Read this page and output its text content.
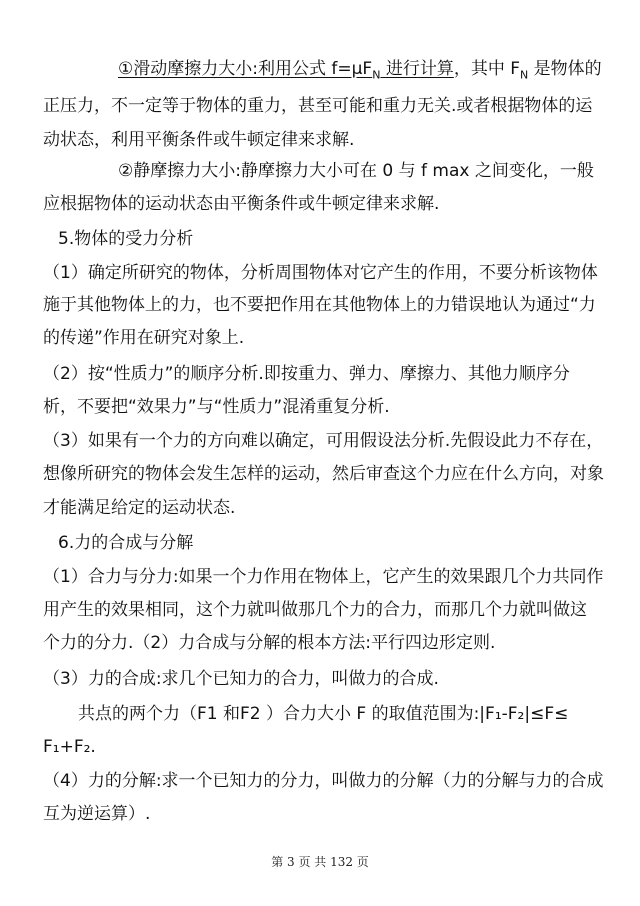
①滑动摩擦力大小:利用公式 $f=\mu F_N$ 进行计算，其中 $F_N$ 是物体的
正压力，不一定等于物体的重力，甚至可能和重力无关.或者根据物体的运
动状态，利用平衡条件或牛顿定律来求解.
②静摩擦力大小:静摩擦力大小可在 0 与 f max 之间变化，一般
应根据物体的运动状态由平衡条件或牛顿定律来求解.
5.物体的受力分析
（1）确定所研究的物体，分析周围物体对它产生的作用，不要分析该物体
施于其他物体上的力，也不要把作用在其他物体上的力错误地认为通过“力
的传递”作用在研究对象上.
（2）按“性质力”的顺序分析.即按重力、弹力、摩擦力、其他力顺序分
析，不要把“效果力”与“性质力”混淆重复分析.
（3）如果有一个力的方向难以确定，可用假设法分析.先假设此力不存在，
想像所研究的物体会发生怎样的运动，然后审查这个力应在什么方向，对象
才能满足给定的运动状态.
6.力的合成与分解
（1）合力与分力:如果一个力作用在物体上，它产生的效果跟几个力共同作
用产生的效果相同，这个力就叫做那几个力的合力，而那几个力就叫做这
个力的分力.（2）力合成与分解的根本方法:平行四边形定则.
（3）力的合成:求几个已知力的合力，叫做力的合成.
共点的两个力（F1 和F2 ）合力大小 F 的取值范围为:|F₁-F₂|≤F≤
F₁+F₂.
（4）力的分解:求一个已知力的分力，叫做力的分解（力的分解与力的合成
互为逆运算）.
第 3 页 共 132 页
